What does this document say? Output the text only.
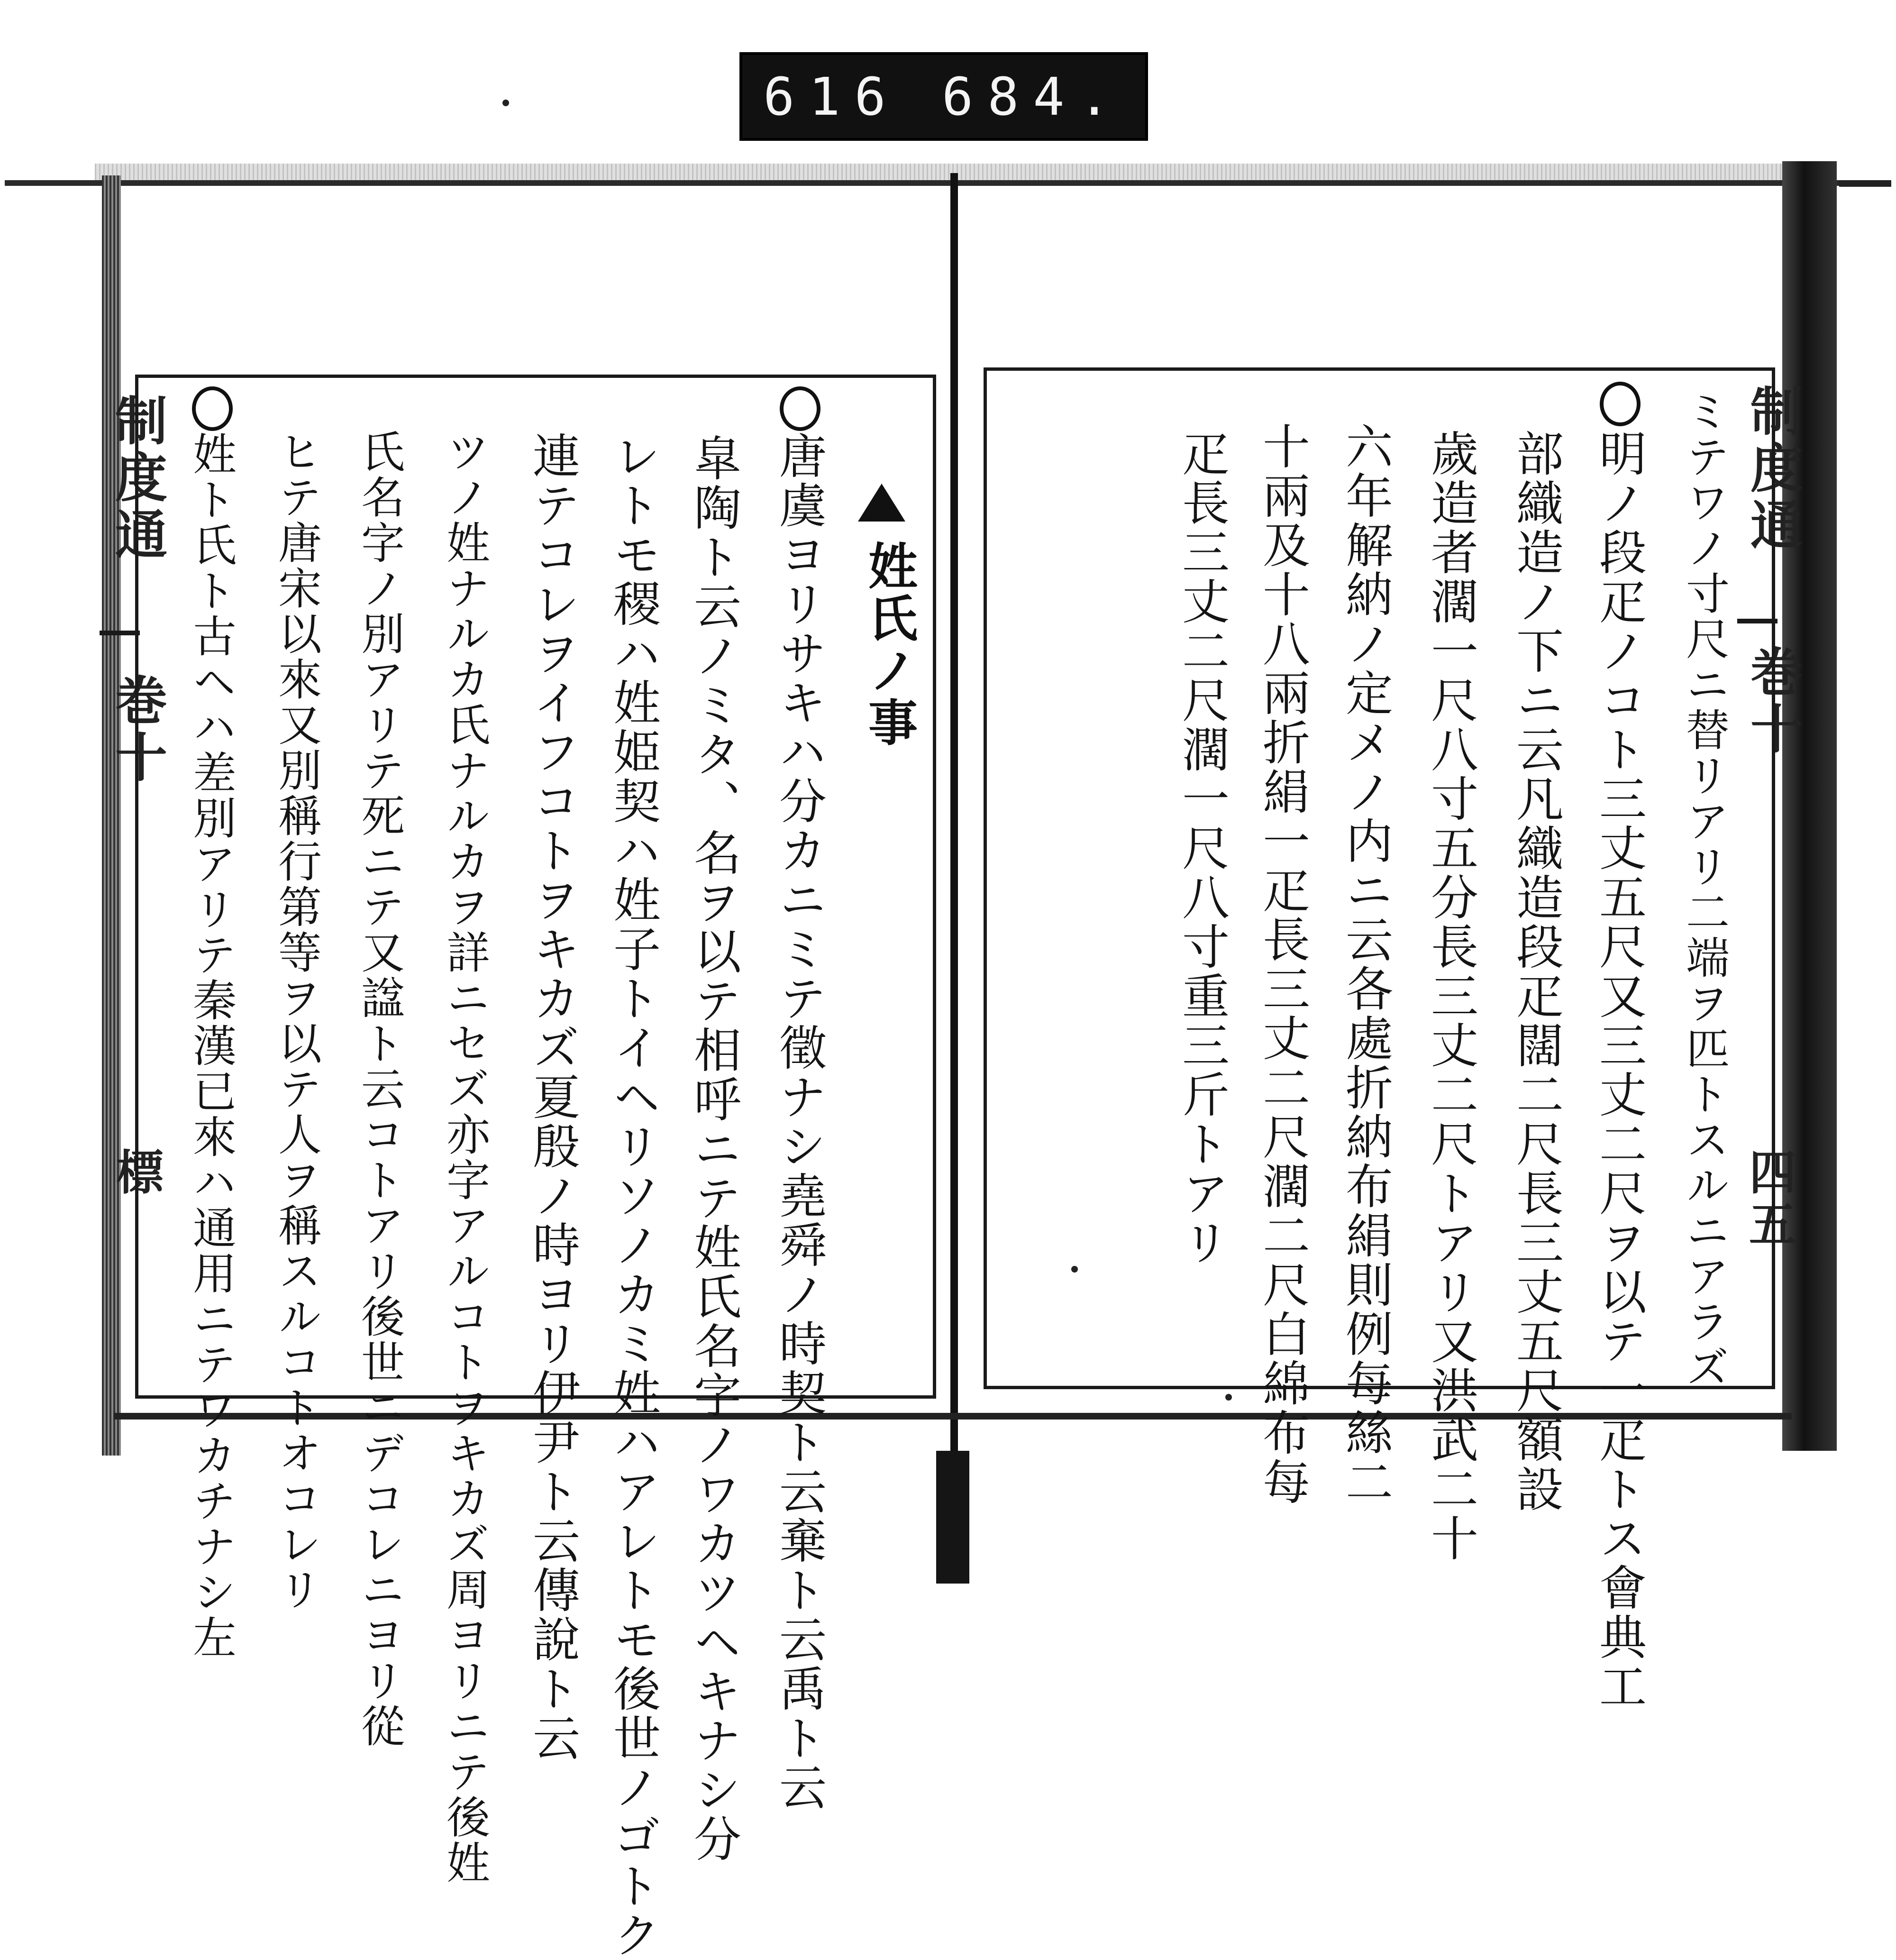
616 684.
制度通
巻十
標
姓氏ノ事
唐虞ヨリサキハ分カニミテ徵ナシ堯舜ノ時契ト云棄ト云禹ト云
皐陶ト云ノミタ、名ヲ以テ相呼ニテ姓氏名字ノワカツヘキナシ分
レトモ稷ハ姓姫契ハ姓子トイヘリソノカミ姓ハアレトモ後世ノゴトク
連テコレヲイフコトヲキカズ夏殷ノ時ヨリ伊尹ト云傳說ト云
ツノ姓ナルカ氏ナルカヲ詳ニセズ亦字アルコトヲキカズ周ヨリニテ後姓
氏名字ノ別アリテ死ニテ又諡ト云コトアリ後世ニデコレニヨリ從
ヒテ唐宋以來又別稱行第等ヲ以テ人ヲ稱スルコトオコレリ
姓ト氏ト古ヘハ差別アリテ秦漢已來ハ通用ニテワカチナシ左	制度通
巻十
四五
ミテワノ寸尺ニ替リアリ二端ヲ匹トスルニアラズ
明ノ段疋ノコト三丈五尺又三丈二尺ヲ以テ一疋トス會典工
部織造ノ下ニ云凡織造段疋闊二尺長三丈五尺額設
歲造者濶一尺八寸五分長三丈二尺トアリ又洪武二十
六年解納ノ定メノ内ニ云各處折納布絹則例每絲二
十兩及十八兩折絹一疋長三丈二尺濶二尺白綿布每
疋長三丈二尺濶一尺八寸重三斤トアリ
